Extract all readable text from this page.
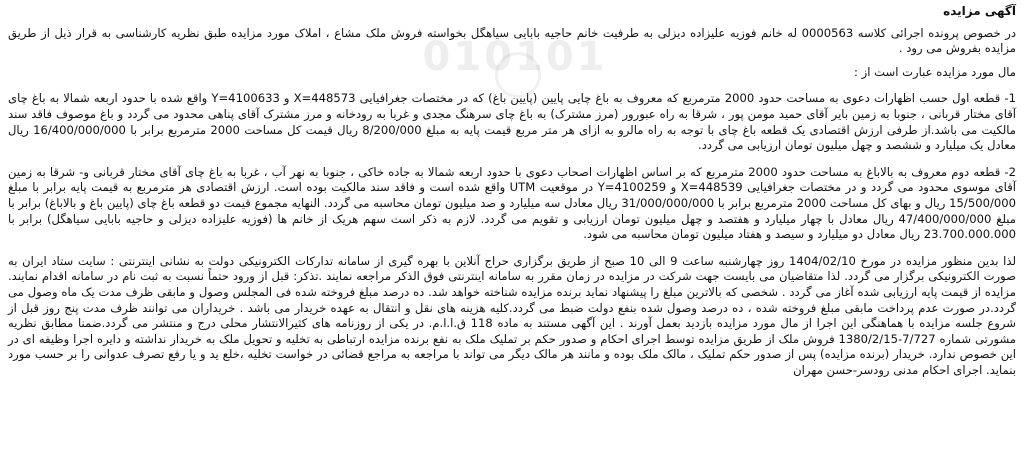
010101

آگهی مزایده

در خصوص پرونده اجرائی کلاسه 0000563 له خانم فوزیه علیزاده دیزلی به طرفیت خانم حاجیه بابایی سیاهگل بخواسته فروش ملک مشاع ، املاک مورد مزایده طبق نظریه کارشناسی به قرار ذیل از طریق مزایده بفروش می رود .

مال مورد مزایده عبارت است از :

1- قطعه اول حسب اظهارات دعوی به مساحت حدود 2000 مترمربع که معروف به باغ چایی پایین (پایین باغ) که در مختصات جغرافیایی X=448573 و Y=4100633 واقع شده با حدود اربعه شمالا به باغ چای آقای مختار قربانی ، جنوبا به زمین بایر آقای حمید مومن پور ، شرقا به راه عبورور (مرز مشترک) به باغ چای سرهنگ مجدی و غربا به رودخانه و مرز مشترک آقای پناهی محدود می گردد و باغ موصوف فاقد سند مالکیت می باشد.از طرفی ارزش اقتصادی یک قطعه باغ چای با توجه به راه مالرو به ازای هر متر مربع قیمت پایه به مبلغ 8/200/000 ریال قیمت کل مساحت 2000 مترمربع برابر با 16/400/000/000 ریال معادل یک میلیارد و ششصد و چهل میلیون تومان ارزیابی می گردد.

2- قطعه دوم معروف به بالاباغ به مساحت حدود 2000 مترمربع که بر اساس اظهارات اصحاب دعوی با حدود اربعه شمالا به جاده خاکی ، جنوبا به نهر آب ، غربا به باغ چای آقای مختار قربانی و- شرقا به زمین آقای موسوی محدود می گردد و در مختصات جغرافیایی X=448539 و Y=4100259 در موقعیت UTM واقع شده است و فاقد سند مالکیت بوده است. ارزش اقتصادی هر مترمربع به قیمت پایه برابر با مبلغ 15/500/000 ریال و بهای کل مساحت 2000 مترمربع برابر با 31/000/000/000 ریال معادل سه میلیارد و صد میلیون تومان محاسبه می گردد. النهایه مجموع قیمت دو قطعه باغ چای (پایین باغ و بالاباغ) برابر با مبلغ 47/400/000/000 ریال معادل با چهار میلیارد و هفتصد و چهل میلیون تومان ارزیابی و تقویم می گردد. لازم به ذکر است سهم هریک از خانم ها (فوزیه علیزاده دیزلی و حاجیه بابایی سیاهگل) برابر با 23.700.000.000 ریال معادل دو میلیارد و سیصد و هفتاد میلیون تومان محاسبه می شود.

لذا بدین منظور مزایده در مورخ 1404/02/10 روز چهارشنبه ساعت 9 الی 10 صبح از طریق برگزاری حراج آنلاین با بهره گیری از سامانه تدارکات الکترونیکی دولت به نشانی اینترنتی : سایت ستاد ایران به صورت الکترونیکی برگزار می گردد. لذا متقاضیان می بایست جهت شرکت در مزایده در زمان مقرر به سامانه اینترنتی فوق الذکر مراجعه نمایند .تذکر: قبل از ورود حتماً نسبت به ثبت نام در سامانه اقدام نمایند. مزایده از قیمت پایه ارزیابی شده آغاز می گردد . شخصی که بالاترین مبلغ را پیشنهاد نماید برنده مزایده شناخته خواهد شد. ده درصد مبلغ فروخته شده فی المجلس وصول و مابقی ظرف مدت یک ماه وصول می گردد.در صورت عدم پرداخت مابقی مبلغ فروخته شده ، ده درصد وصول شده بنفع دولت ضبط می گردد.کلیه هزینه های نقل و انتقال به عهده خریدار می باشد . خریداران می توانند ظرف مدت پنج روز قبل از شروع جلسه مزایده با هماهنگی این اجرا از مال مورد مزایده بازدید بعمل آورند . این آگهی مستند به ماده 118 ق.ا.ا.م. در یکی از روزنامه های کثیرالانتشار محلی درج و منتشر می گردد.ضمنا مطابق نظریه مشورتی شماره 7/727-1380/2/15 فروش ملک از طریق مزایده توسط اجرای احکام و صدور حکم بر تملیک ملک به نفع برنده مزایده ارتباطی به تخلیه و تحویل ملک به خریدار نداشته و دایره اجرا وظیفه ای در این خصوص ندارد. خریدار (برنده مزایده) پس از صدور حکم تملیک ، مالک ملک بوده و مانند هر مالک دیگر می تواند با مراجعه به مراجع قضائی در خواست تخلیه ،خلع ید و یا رفع تصرف عدوانی را بر حسب مورد بنماید. اجرای احکام مدنی رودسر-حسن مهران
